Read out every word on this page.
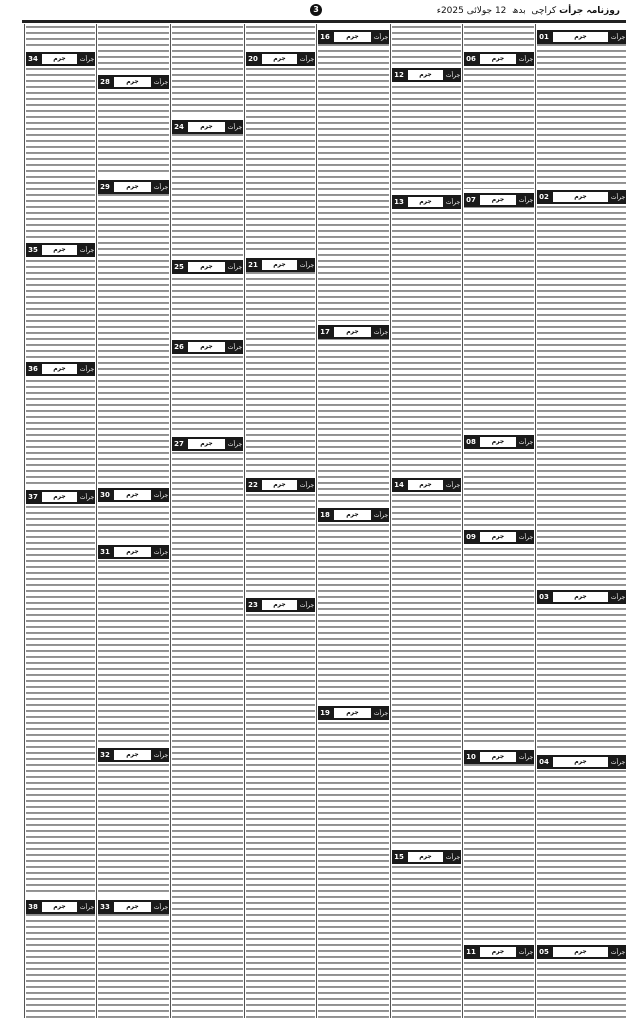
روزنامہ جرأت کراچی  بدھ  12 جولائی 2025ء
3
01	جرم	جرأت
02	جرم	جرأت
03	جرم	جرأت
04	جرم	جرأت
05	جرم	جرأت
06	جرم	جرأت
07	جرم	جرأت
08	جرم	جرأت
09	جرم	جرأت
10	جرم	جرأت
11	جرم	جرأت
12	جرم	جرأت
13	جرم	جرأت
14	جرم	جرأت
15	جرم	جرأت
16	جرم	جرأت
17	جرم	جرأت
18	جرم	جرأت
19	جرم	جرأت
20	جرم	جرأت
21	جرم	جرأت
22	جرم	جرأت
23	جرم	جرأت
24	جرم	جرأت
25	جرم	جرأت
26	جرم	جرأت
27	جرم	جرأت
28	جرم	جرأت
29	جرم	جرأت
30	جرم	جرأت
31	جرم	جرأت
32	جرم	جرأت
33	جرم	جرأت
34	جرم	جرأت
35	جرم	جرأت
36	جرم	جرأت
37	جرم	جرأت
38	جرم	جرأت
